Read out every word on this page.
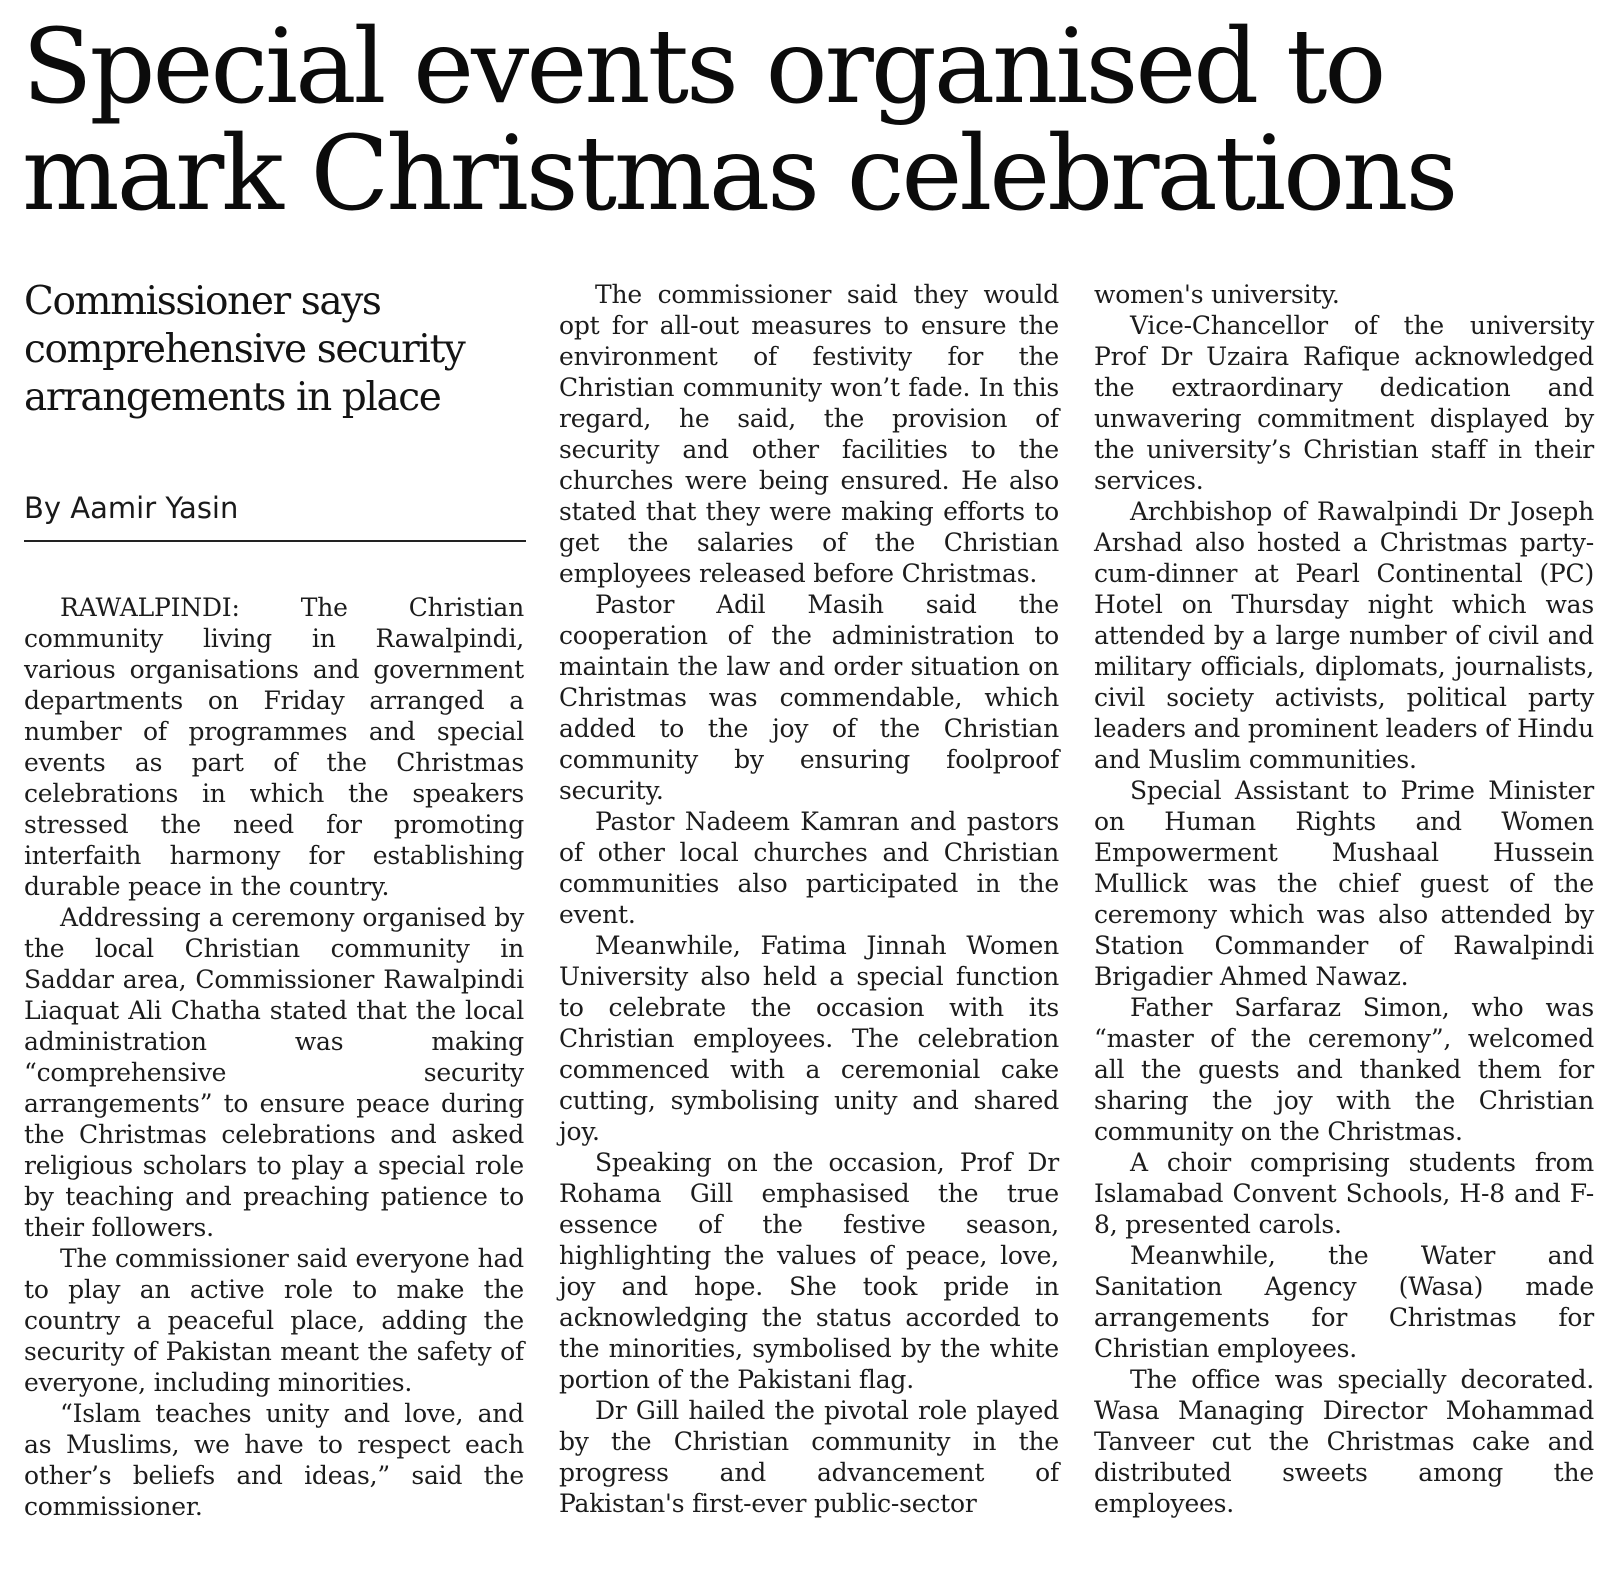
Special events organised to mark Christmas celebrations
Commissioner says comprehensive security arrangements in place
By Aamir Yasin

RAWALPINDI: The Christian community living in Rawalpindi, various organisations and government departments on Friday arranged a number of programmes and special events as part of the Christmas celebrations in which the speakers stressed the need for promoting interfaith harmony for establishing durable peace in the country.

Addressing a ceremony organised by the local Christian community in Saddar area, Commissioner Rawalpindi Liaquat Ali Chatha stated that the local administration was making “comprehensive security arrangements” to ensure peace during the Christmas celebrations and asked religious scholars to play a special role by teaching and preaching patience to their followers.

The commissioner said everyone had to play an active role to make the country a peaceful place, adding the security of Pakistan meant the safety of everyone, including minorities.

“Islam teaches unity and love, and as Muslims, we have to respect each other’s beliefs and ideas,” said the commissioner.

The commissioner said they would opt for all-out measures to ensure the environment of festivity for the Christian community won’t fade. In this regard, he said, the provision of security and other facilities to the churches were being ensured. He also stated that they were making efforts to get the salaries of the Christian employees released before Christmas.

Pastor Adil Masih said the cooperation of the administration to maintain the law and order situation on Christmas was commendable, which added to the joy of the Christian community by ensuring foolproof security.

Pastor Nadeem Kamran and pastors of other local churches and Christian communities also participated in the event.

Meanwhile, Fatima Jinnah Women University also held a special function to celebrate the occasion with its Christian employees. The celebration commenced with a ceremonial cake cutting, symbolising unity and shared joy.

Speaking on the occasion, Prof Dr Rohama Gill emphasised the true essence of the festive season, highlighting the values of peace, love, joy and hope. She took pride in acknowledging the status accorded to the minorities, symbolised by the white portion of the Pakistani flag.

Dr Gill hailed the pivotal role played by the Christian community in the progress and advancement of Pakistan's first-ever public-sector

women's university.

Vice-Chancellor of the university Prof Dr Uzaira Rafique acknowledged the extraordinary dedication and unwavering commitment displayed by the university’s Christian staff in their services.

Archbishop of Rawalpindi Dr Joseph Arshad also hosted a Christmas party-cum-dinner at Pearl Continental (PC) Hotel on Thursday night which was attended by a large number of civil and military officials, diplomats, journalists, civil society activists, political party leaders and prominent leaders of Hindu and Muslim communities.

Special Assistant to Prime Minister on Human Rights and Women Empowerment Mushaal Hussein Mullick was the chief guest of the ceremony which was also attended by Station Commander of Rawalpindi Brigadier Ahmed Nawaz.

Father Sarfaraz Simon, who was “master of the ceremony”, welcomed all the guests and thanked them for sharing the joy with the Christian community on the Christmas.

A choir comprising students from Islamabad Convent Schools, H-8 and F-8, presented carols.

Meanwhile, the Water and Sanitation Agency (Wasa) made arrangements for Christmas for Christian employees.

The office was specially decorated. Wasa Managing Director Mohammad Tanveer cut the Christmas cake and distributed sweets among the employees.
